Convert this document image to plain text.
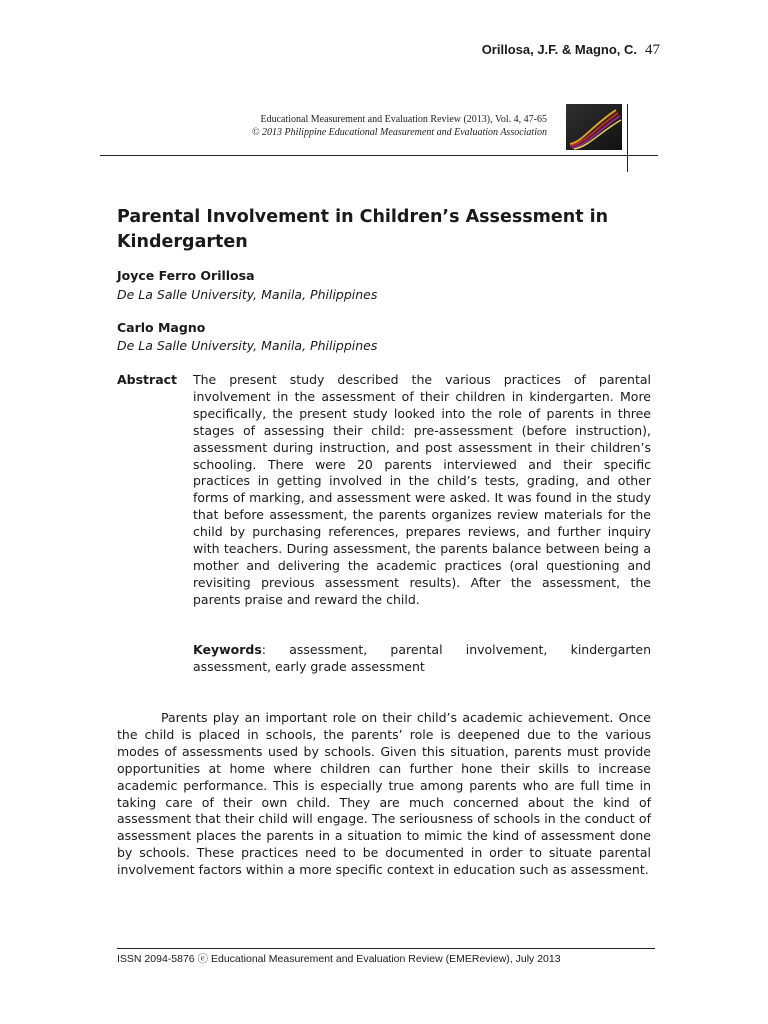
Orillosa, J.F. & Magno, C. 47
Educational Measurement and Evaluation Review (2013), Vol. 4, 47-65
© 2013 Philippine Educational Measurement and Evaluation Association
Parental Involvement in Children’s Assessment in Kindergarten
Joyce Ferro Orillosa
De La Salle University, Manila, Philippines
Carlo Magno
De La Salle University, Manila, Philippines
Abstract The present study described the various practices of parental involvement in the assessment of their children in kindergarten. More specifically, the present study looked into the role of parents in three stages of assessing their child: pre-assessment (before instruction), assessment during instruction, and post assessment in their children’s schooling. There were 20 parents interviewed and their specific practices in getting involved in the child’s tests, grading, and other forms of marking, and assessment were asked. It was found in the study that before assessment, the parents organizes review materials for the child by purchasing references, prepares reviews, and further inquiry with teachers. During assessment, the parents balance between being a mother and delivering the academic practices (oral questioning and revisiting previous assessment results). After the assessment, the parents praise and reward the child.

Keywords: assessment, parental involvement, kindergarten assessment, early grade assessment

Parents play an important role on their child’s academic achievement. Once the child is placed in schools, the parents’ role is deepened due to the various modes of assessments used by schools. Given this situation, parents must provide opportunities at home where children can further hone their skills to increase academic performance. This is especially true among parents who are full time in taking care of their own child. They are much concerned about the kind of assessment that their child will engage. The seriousness of schools in the conduct of assessment places the parents in a situation to mimic the kind of assessment done by schools. These practices need to be documented in order to situate parental involvement factors within a more specific context in education such as assessment.

ISSN 2094-5876 ⓔ Educational Measurement and Evaluation Review (EMEReview), July 2013
